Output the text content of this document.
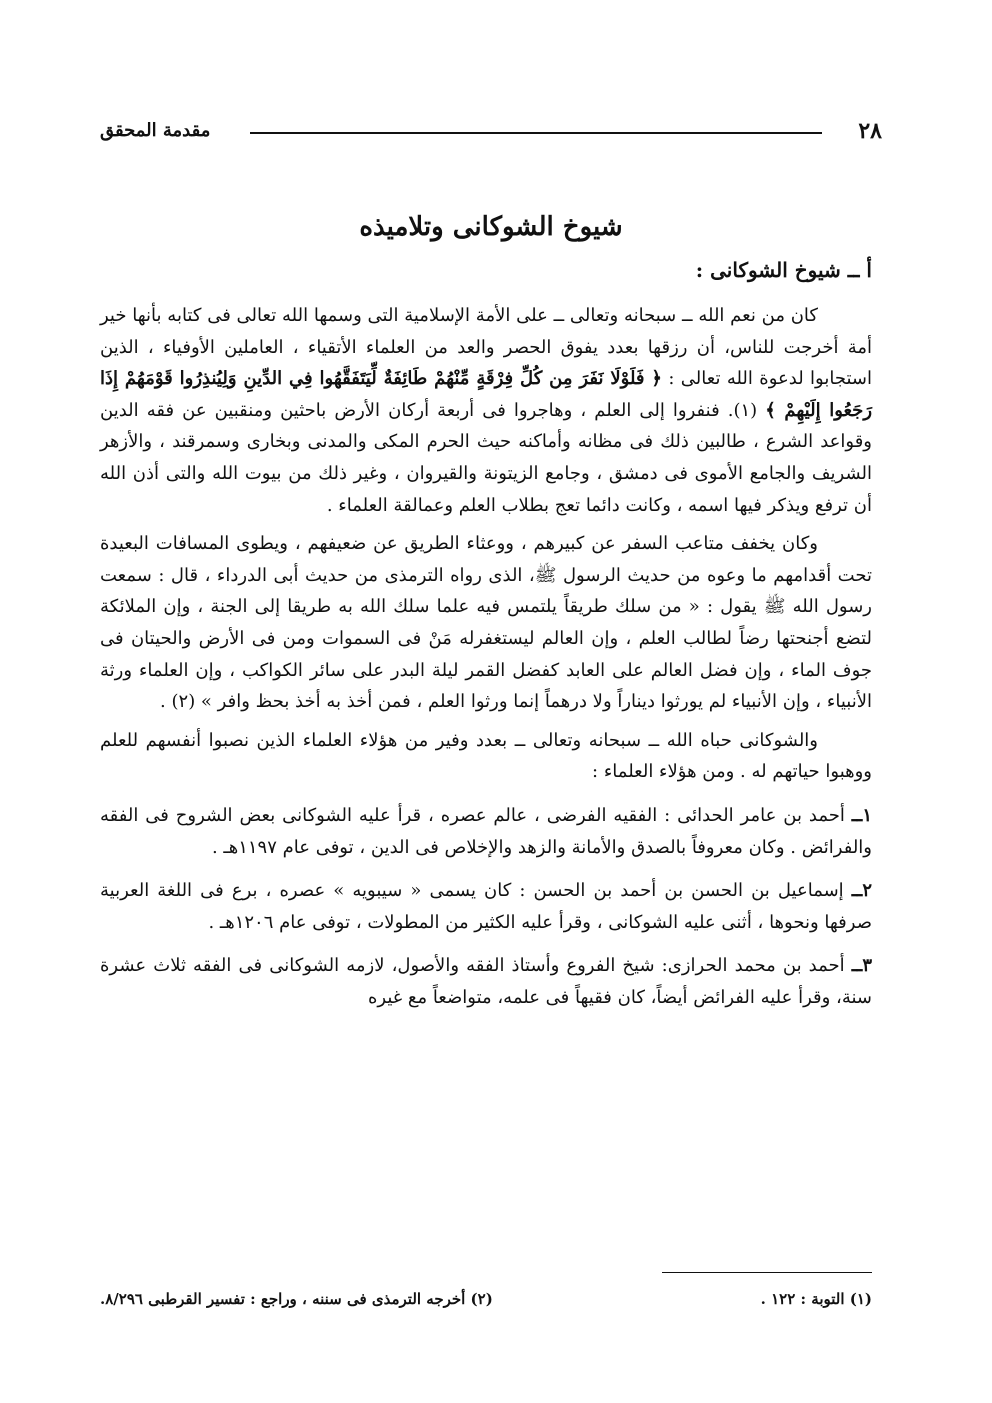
٢٨
مقدمة المحقق
شيوخ الشوكانى وتلاميذه
أ ــ شيوخ الشوكانى :

كان من نعم الله ــ سبحانه وتعالى ــ على الأمة الإسلامية التى وسمها الله تعالى فى كتابه بأنها خير أمة أخرجت للناس، أن رزقها بعدد يفوق الحصر والعد من العلماء الأتقياء ، العاملين الأوفياء ، الذين استجابوا لدعوة الله تعالى : ﴿ فَلَوْلَا نَفَرَ مِن كُلِّ فِرْقَةٍ مِّنْهُمْ طَائِفَةٌ لِّيَتَفَقَّهُوا فِي الدِّينِ وَلِيُنذِرُوا قَوْمَهُمْ إِذَا رَجَعُوا إِلَيْهِمْ ﴾ (١). فنفروا إلى العلم ، وهاجروا فى أربعة أركان الأرض باحثين ومنقبين عن فقه الدين وقواعد الشرع ، طالبين ذلك فى مظانه وأماكنه حيث الحرم المكى والمدنى وبخارى وسمرقند ، والأزهر الشريف والجامع الأموى فى دمشق ، وجامع الزيتونة والقيروان ، وغير ذلك من بيوت الله والتى أذن الله أن ترفع ويذكر فيها اسمه ، وكانت دائما تعج بطلاب العلم وعمالقة العلماء .

وكان يخفف متاعب السفر عن كبيرهم ، ووعثاء الطريق عن ضعيفهم ، ويطوى المسافات البعيدة تحت أقدامهم ما وعوه من حديث الرسول ﷺ، الذى رواه الترمذى من حديث أبى الدرداء ، قال : سمعت رسول الله ﷺ يقول : « من سلك طريقاً يلتمس فيه علما سلك الله به طريقا إلى الجنة ، وإن الملائكة لتضع أجنحتها رضاً لطالب العلم ، وإن العالم ليستغفرله مَنْ فى السموات ومن فى الأرض والحيتان فى جوف الماء ، وإن فضل العالم على العابد كفضل القمر ليلة البدر على سائر الكواكب ، وإن العلماء ورثة الأنبياء ، وإن الأنبياء لم يورثوا ديناراً ولا درهماً إنما ورثوا العلم ، فمن أخذ به أخذ بحظ وافر » (٢) .

والشوكانى حباه الله ــ سبحانه وتعالى ــ بعدد وفير من هؤلاء العلماء الذين نصبوا أنفسهم للعلم ووهبوا حياتهم له . ومن هؤلاء العلماء :

١ــ أحمد بن عامر الحدائى : الفقيه الفرضى ، عالم عصره ، قرأ عليه الشوكانى بعض الشروح فى الفقه والفرائض . وكان معروفاً بالصدق والأمانة والزهد والإخلاص فى الدين ، توفى عام ١١٩٧هـ .

٢ــ إسماعيل بن الحسن بن أحمد بن الحسن : كان يسمى « سيبويه » عصره ، برع فى اللغة العربية صرفها ونحوها ، أثنى عليه الشوكانى ، وقرأ عليه الكثير من المطولات ، توفى عام ١٢٠٦هـ .

٣ــ أحمد بن محمد الحرازى: شيخ الفروع وأستاذ الفقه والأصول، لازمه الشوكانى فى الفقه ثلاث عشرة سنة، وقرأ عليه الفرائض أيضاً، كان فقيهاً فى علمه، متواضعاً مع غيره

(١) التوبة : ١٢٢ .
(٢) أخرجه الترمذى فى سننه ، وراجع : تفسير القرطبى ٨/٢٩٦.
